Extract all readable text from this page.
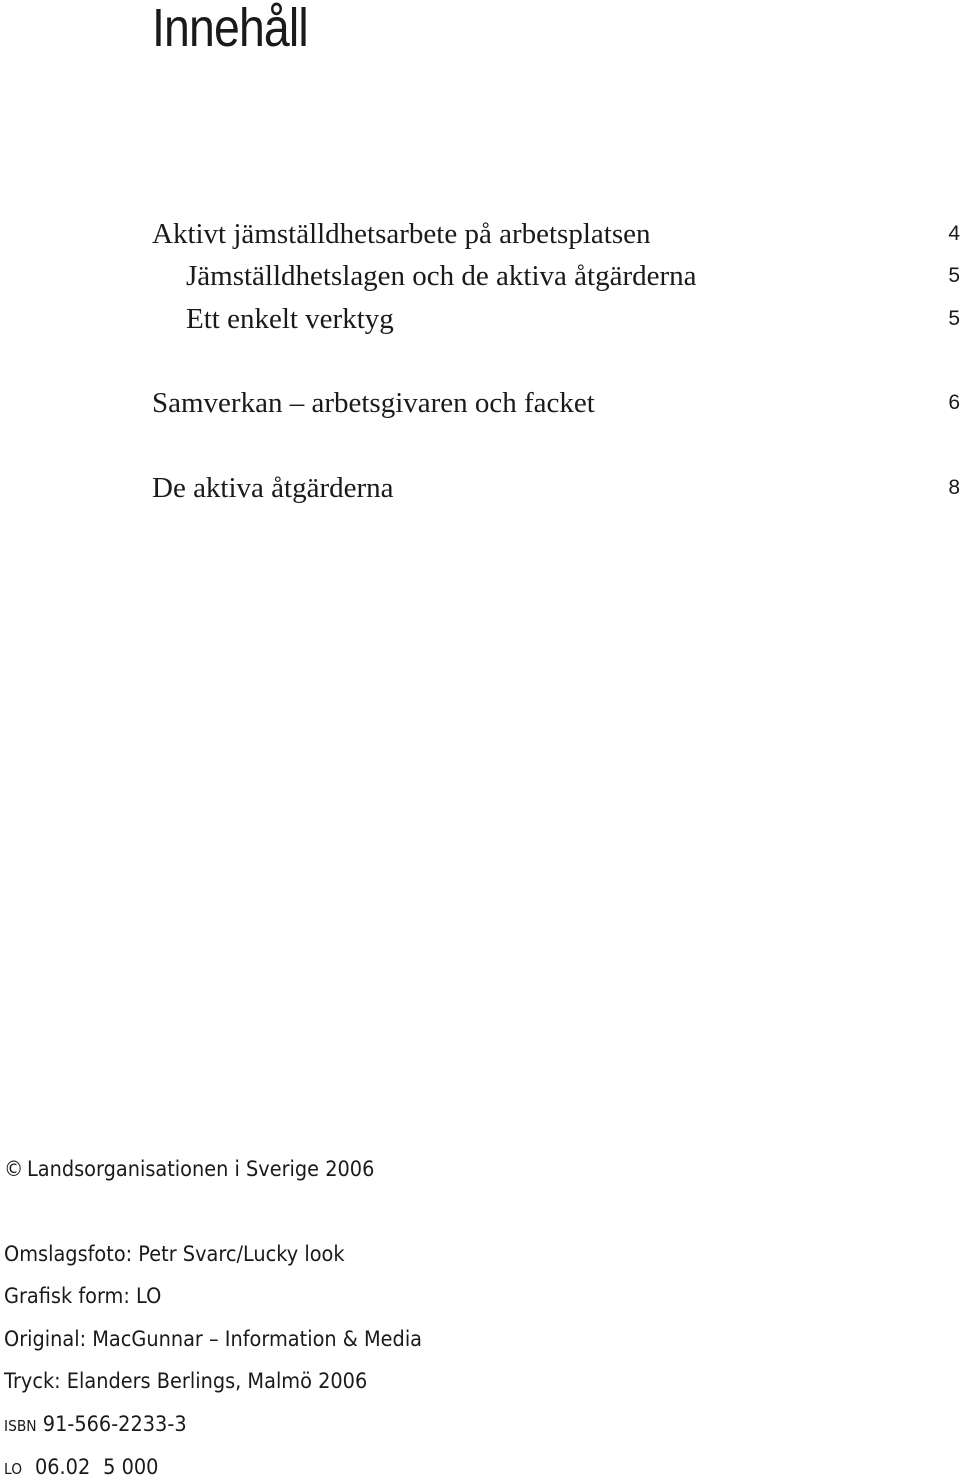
Innehåll
Aktivt jämställdhetsarbete på arbetsplatsen	4
Jämställdhetslagen och de aktiva åtgärderna	5
Ett enkelt verktyg	5
Samverkan – arbetsgivaren och facket	6
De aktiva åtgärderna	8
© Landsorganisationen i Sverige 2006
Omslagsfoto: Petr Svarc/Lucky look
Grafisk form: LO
Original: MacGunnar – Information & Media
Tryck: Elanders Berlings, Malmö 2006
isbn 91-566-2233-3
lo 06.02 5 000
